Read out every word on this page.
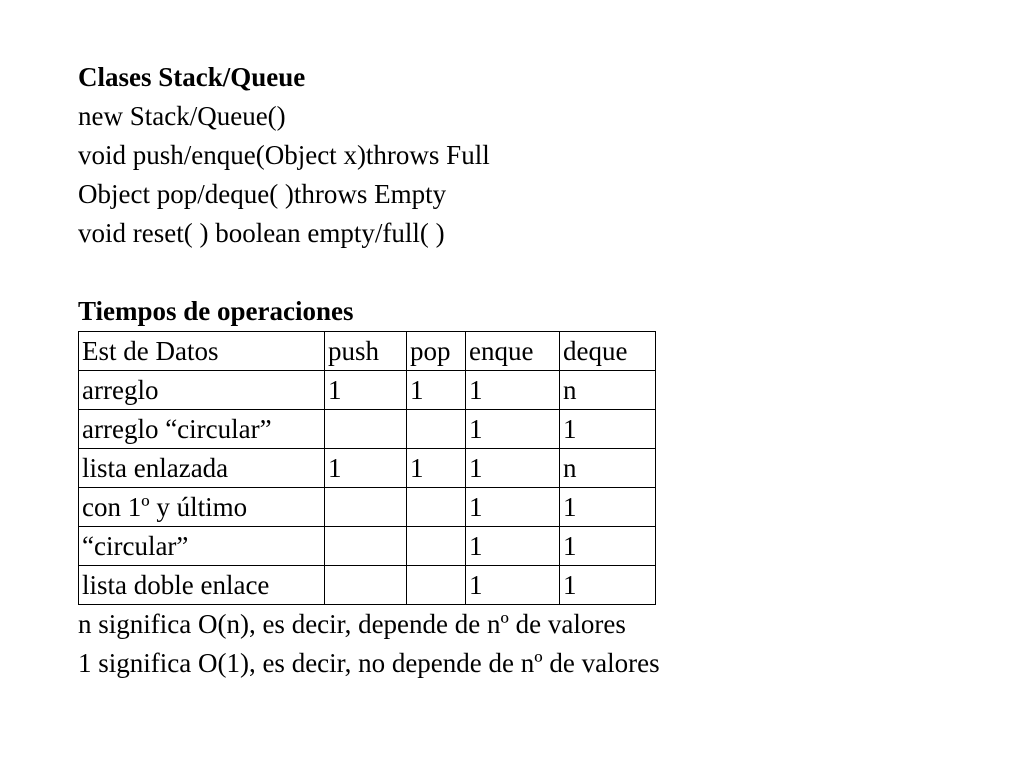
Clases Stack/Queue
new Stack/Queue()
void push/enque(Object x)throws Full
Object pop/deque( )throws Empty
void reset( ) boolean empty/full( )
Tiempos de operaciones
Est de Datos	push	pop	enque	deque
arreglo	1	1	1	n
arreglo “circular”			1	1
lista enlazada	1	1	1	n
con 1º y último			1	1
“circular”			1	1
lista doble enlace			1	1
n significa O(n), es decir, depende de nº de valores
1 significa O(1), es decir, no depende de nº de valores
